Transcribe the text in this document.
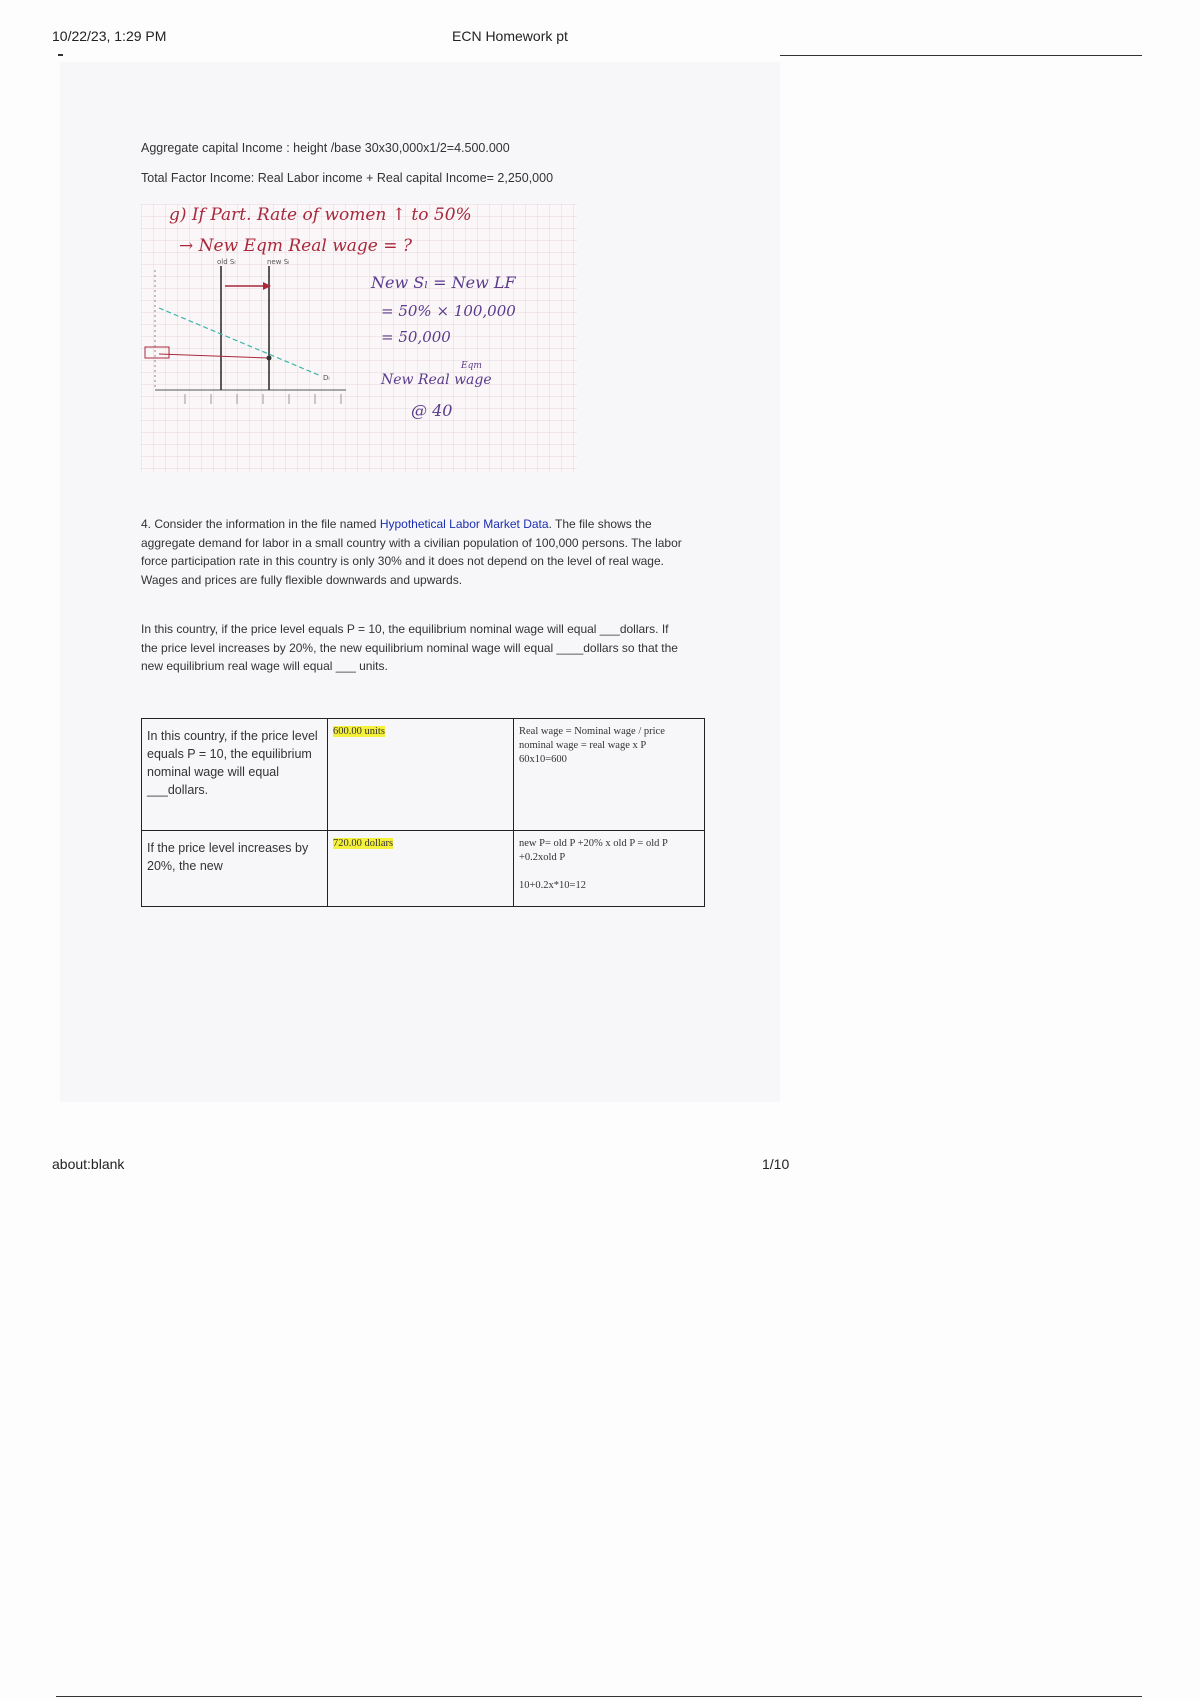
10/22/23, 1:29 PM	ECN Homework pt
Aggregate capital Income : height /base 30x30,000x1/2=4.500.000
Total Factor Income: Real Labor income + Real capital Income= 2,250,000
g) If Part. Rate of women ↑ to 50%
→ New Eqm Real wage = ?
New Sₗ = New LF
= 50% × 100,000
= 50,000
New Real wage
Eqm
@ 40
old Sₗ	new Sₗ
Dₗ
4. Consider the information in the file named Hypothetical Labor Market Data. The file shows the aggregate demand for labor in a small country with a civilian population of 100,000 persons. The labor force participation rate in this country is only 30% and it does not depend on the level of real wage. Wages and prices are fully flexible downwards and upwards.
In this country, if the price level equals P = 10, the equilibrium nominal wage will equal ___dollars. If the price level increases by 20%, the new equilibrium nominal wage will equal ____dollars so that the new equilibrium real wage will equal ___ units.
In this country, if the price level equals P = 10, the equilibrium nominal wage will equal ___dollars.	600.00 units	Real wage = Nominal wage / price
nominal wage = real wage x P
60x10=600
If the price level increases by 20%, the new	720.00 dollars	new P= old P +20% x old P = old P +0.2xold P
10+0.2x*10=12
about:blank	1/10
